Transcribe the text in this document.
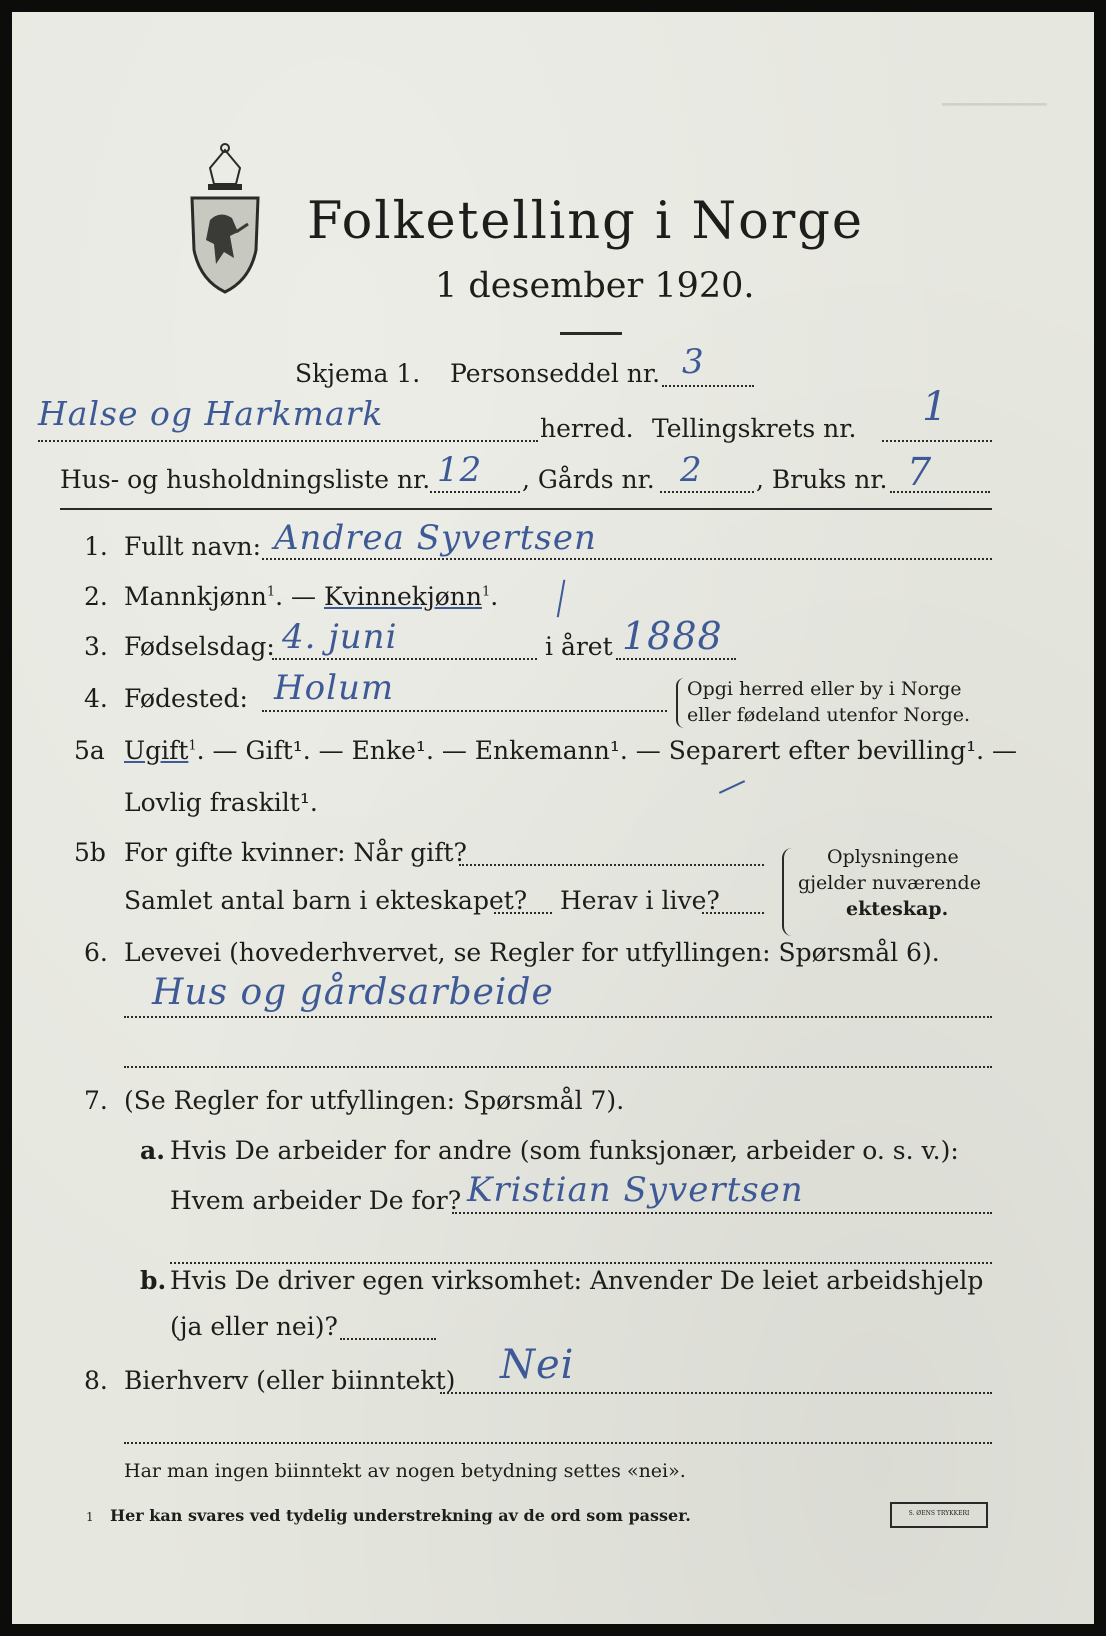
▔▔▔▔▔▔▔▔
Folketelling i Norge
1 desember 1920.
Skjema 1. Personseddel nr. 3
Halse og Harkmark	herred. Tellingskrets nr. 1
Hus- og husholdningsliste nr. 12 , Gårds nr. 2 , Bruks nr. 7
1. Fullt navn: Andrea Syvertsen
2. Mannkjønn$^1$. — Kvinnekjønn$^1$.
3. Fødselsdag: 4. juni	i året 1888
4. Fødested: Holum	Opgi herred eller by i Norge
eller fødeland utenfor Norge.
5a Ugift$^1$. — Gift¹. — Enke¹. — Enkemann¹. — Separert efter bevilling¹. —
Lovlig fraskilt¹.
5b For gifte kvinner: Når gift?
Samlet antal barn i ekteskapet? Herav i live?
Oplysningene
gjelder nuværende
ekteskap.
6. Levevei (hovederhvervet, se Regler for utfyllingen: Spørsmål 6).
Hus og gårdsarbeide
7. (Se Regler for utfyllingen: Spørsmål 7).
a. Hvis De arbeider for andre (som funksjonær, arbeider o. s. v.):
Hvem arbeider De for? Kristian Syvertsen
b. Hvis De driver egen virksomhet: Anvender De leiet arbeidshjelp
(ja eller nei)?
8. Bierhverv (eller biinntekt) Nei
Har man ingen biinntekt av nogen betydning settes «nei».
1 Her kan svares ved tydelig understrekning av de ord som passer.	S. ØENS TRYKKERI
